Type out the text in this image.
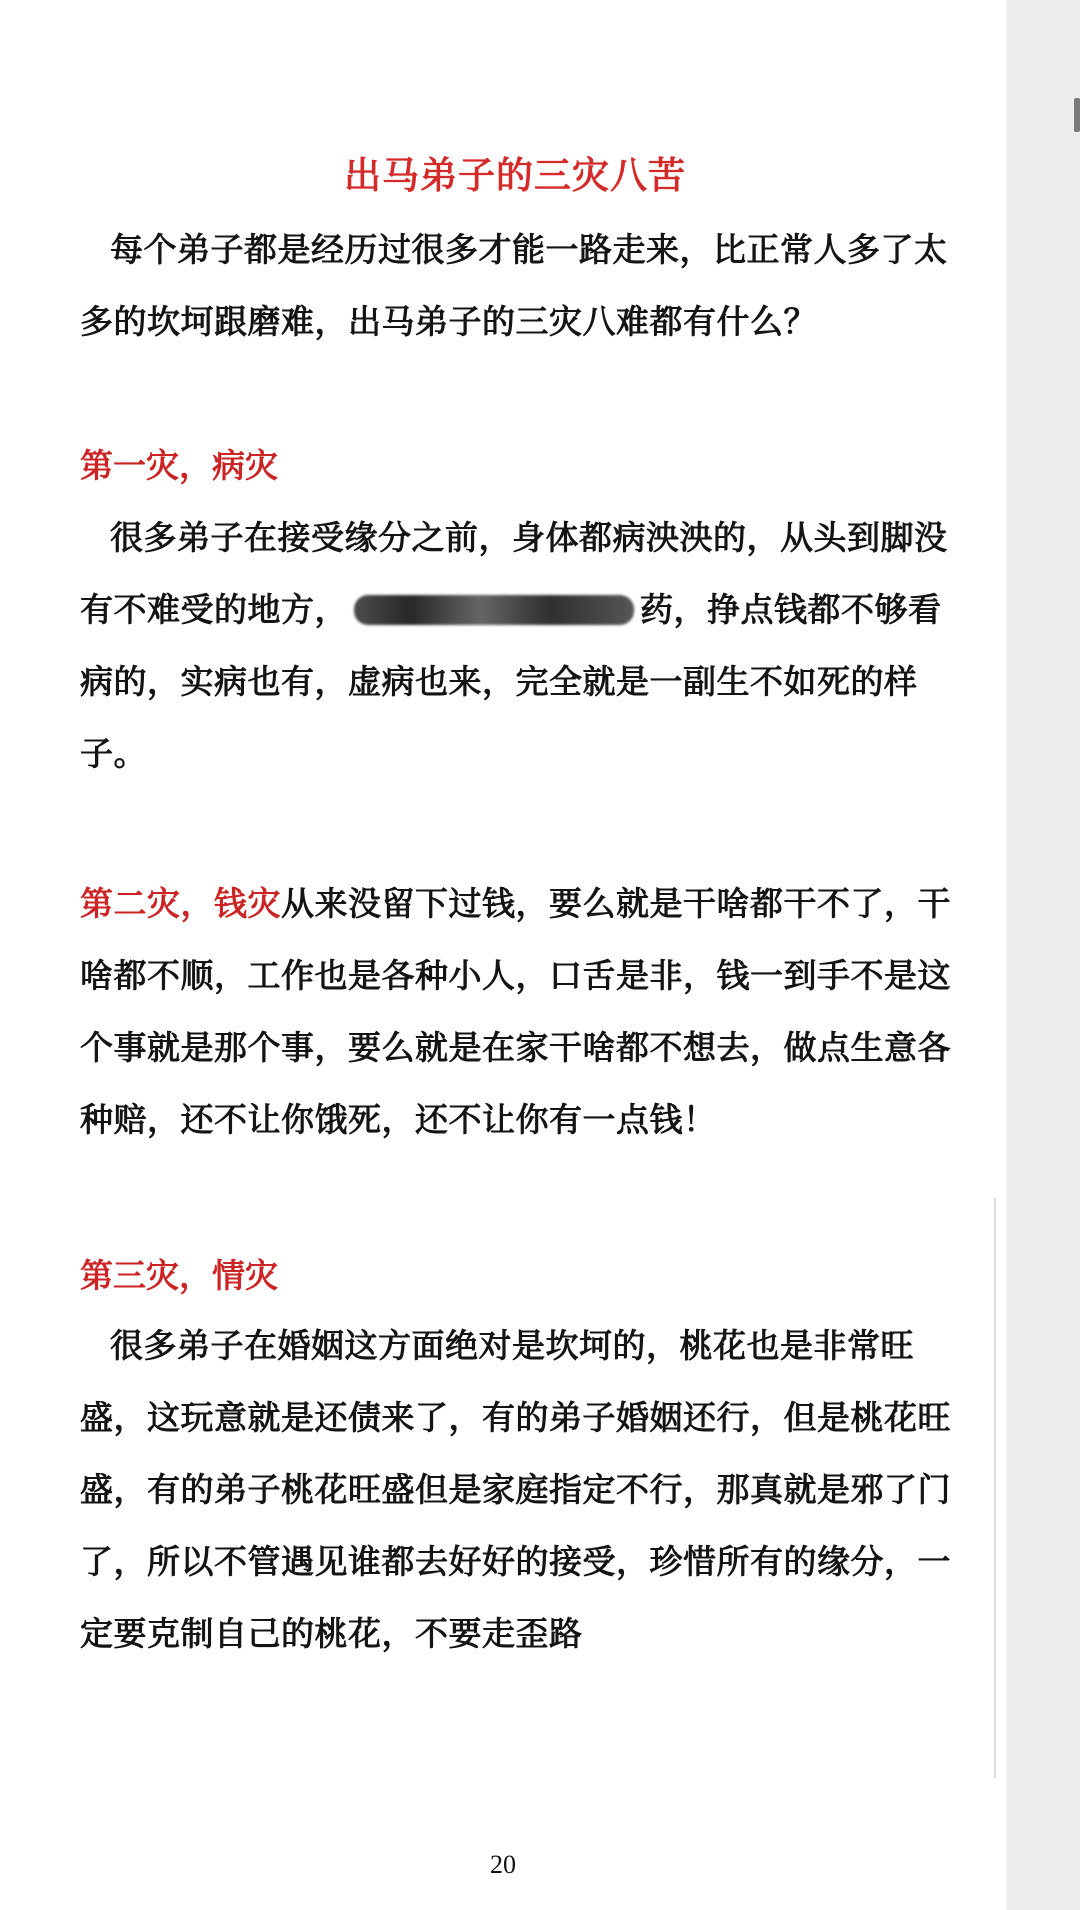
出马弟子的三灾八苦
每个弟子都是经历过很多才能一路走来，比正常人多了太多的坎坷跟磨难，出马弟子的三灾八难都有什么？
第一灾，病灾
很多弟子在接受缘分之前，身体都病泱泱的，从头到脚没有不难受的地方，	药，挣点钱都不够看病的，实病也有，虚病也来，完全就是一副生不如死的样子。
第二灾，钱灾从来没留下过钱，要么就是干啥都干不了，干啥都不顺，工作也是各种小人，口舌是非，钱一到手不是这个事就是那个事，要么就是在家干啥都不想去，做点生意各种赔，还不让你饿死，还不让你有一点钱！
第三灾，情灾
很多弟子在婚姻这方面绝对是坎坷的，桃花也是非常旺盛，这玩意就是还债来了，有的弟子婚姻还行，但是桃花旺盛，有的弟子桃花旺盛但是家庭指定不行，那真就是邪了门了，所以不管遇见谁都去好好的接受，珍惜所有的缘分，一定要克制自己的桃花，不要走歪路
20
